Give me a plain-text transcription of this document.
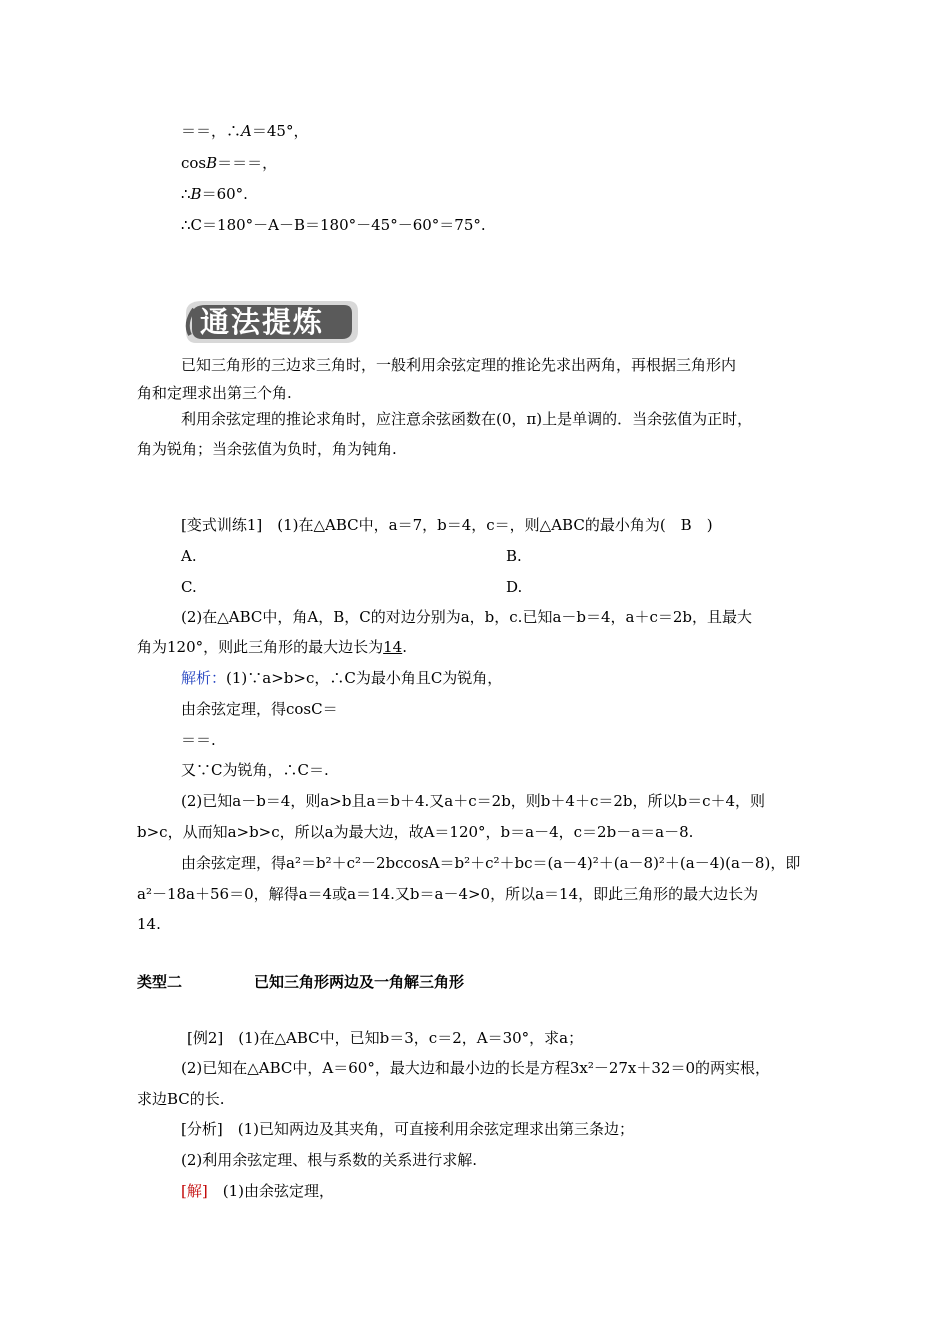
＝＝，∴A＝45°，
cosB＝＝＝，
∴B＝60°.
∴C＝180°－A－B＝180°－45°－60°＝75°.
通法提炼
已知三角形的三边求三角时，一般利用余弦定理的推论先求出两角，再根据三角形内
角和定理求出第三个角.
利用余弦定理的推论求角时，应注意余弦函数在(0，π)上是单调的．当余弦值为正时，
角为锐角；当余弦值为负时，角为钝角.
[变式训练1]　(1)在△ABC中，a＝7，b＝4，c＝，则△ABC的最小角为(　B　)
A.	B.
C.	D.
(2)在△ABC中，角A，B，C的对边分别为a，b，c.已知a－b＝4，a＋c＝2b，且最大
角为120°，则此三角形的最大边长为14.
解析：(1)∵a>b>c，∴C为最小角且C为锐角，
由余弦定理，得cosC＝
＝＝.
又∵C为锐角，∴C＝.
(2)已知a－b＝4，则a>b且a＝b＋4.又a＋c＝2b，则b＋4＋c＝2b，所以b＝c＋4，则
b>c，从而知a>b>c，所以a为最大边，故A＝120°，b＝a－4，c＝2b－a＝a－8.
由余弦定理，得a²＝b²＋c²－2bccosA＝b²＋c²＋bc＝(a－4)²＋(a－8)²＋(a－4)(a－8)，即
a²－18a＋56＝0，解得a＝4或a＝14.又b＝a－4>0，所以a＝14，即此三角形的最大边长为
14.
类型二	已知三角形两边及一角解三角形
[例2]　(1)在△ABC中，已知b＝3，c＝2，A＝30°，求a；
(2)已知在△ABC中，A＝60°，最大边和最小边的长是方程3x²－27x＋32＝0的两实根，
求边BC的长.
[分析]　(1)已知两边及其夹角，可直接利用余弦定理求出第三条边；
(2)利用余弦定理、根与系数的关系进行求解.
[解]　(1)由余弦定理，
